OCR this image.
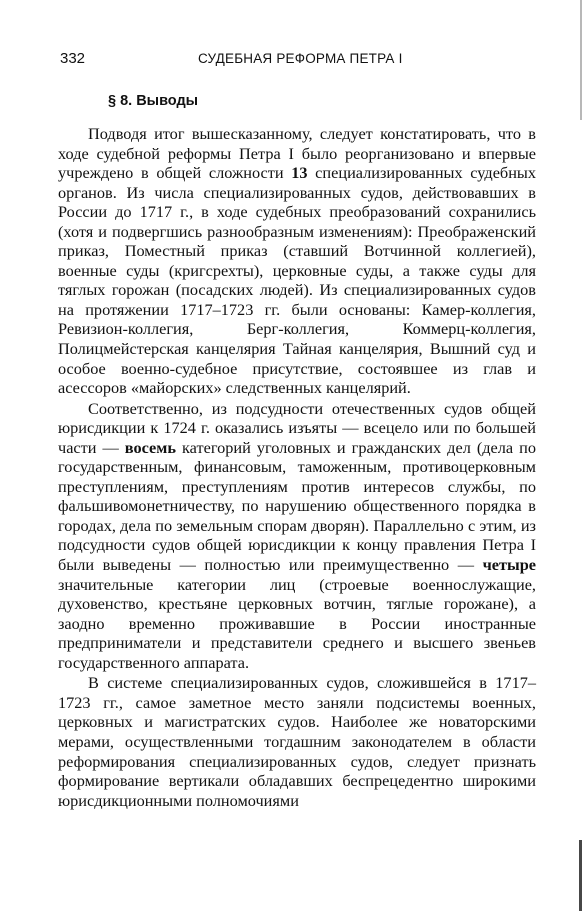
332	СУДЕБНАЯ РЕФОРМА ПЕТРА I
§ 8. Выводы

Подводя итог вышесказанному, следует констатировать, что в ходе судебной реформы Петра I было реорганизовано и впервые учреждено в общей сложности 13 специализированных судебных органов. Из числа специализированных судов, действовавших в России до 1717 г., в ходе судебных преобразований сохранились (хотя и подвергшись разнообразным изменениям): Преображенский приказ, Поместный приказ (ставший Вотчинной коллегией), военные суды (кригсрехты), церковные суды, а также суды для тяглых горожан (посадских людей). Из специализированных судов на протяжении 1717–1723 гг. были основаны: Камер-коллегия, Ревизион-коллегия, Берг-коллегия, Коммерц-коллегия, Полицмейстерская канцелярия Тайная канцелярия, Вышний суд и особое военно-судебное присутствие, состоявшее из глав и асессоров «майорских» следственных канцелярий.

Соответственно, из подсудности отечественных судов общей юрисдикции к 1724 г. оказались изъяты — всецело или по большей части — восемь категорий уголовных и гражданских дел (дела по государственным, финансовым, таможенным, противоцерковным преступлениям, преступлениям против интересов службы, по фальшивомонетничеству, по нарушению общественного порядка в городах, дела по земельным спорам дворян). Параллельно с этим, из подсудности судов общей юрисдикции к концу правления Петра I были выведены — полностью или преимущественно — четыре значительные категории лиц (строевые военнослужащие, духовенство, крестьяне церковных вотчин, тяглые горожане), а заодно временно проживавшие в России иностранные предприниматели и представители среднего и высшего звеньев государственного аппарата.

В системе специализированных судов, сложившейся в 1717–1723 гг., самое заметное место заняли подсистемы военных, церковных и магистратских судов. Наиболее же новаторскими мерами, осуществленными тогдашним законодателем в области реформирования специализированных судов, следует признать формирование вертикали обладавших беспрецедентно широкими юрисдикционными полномочиями
